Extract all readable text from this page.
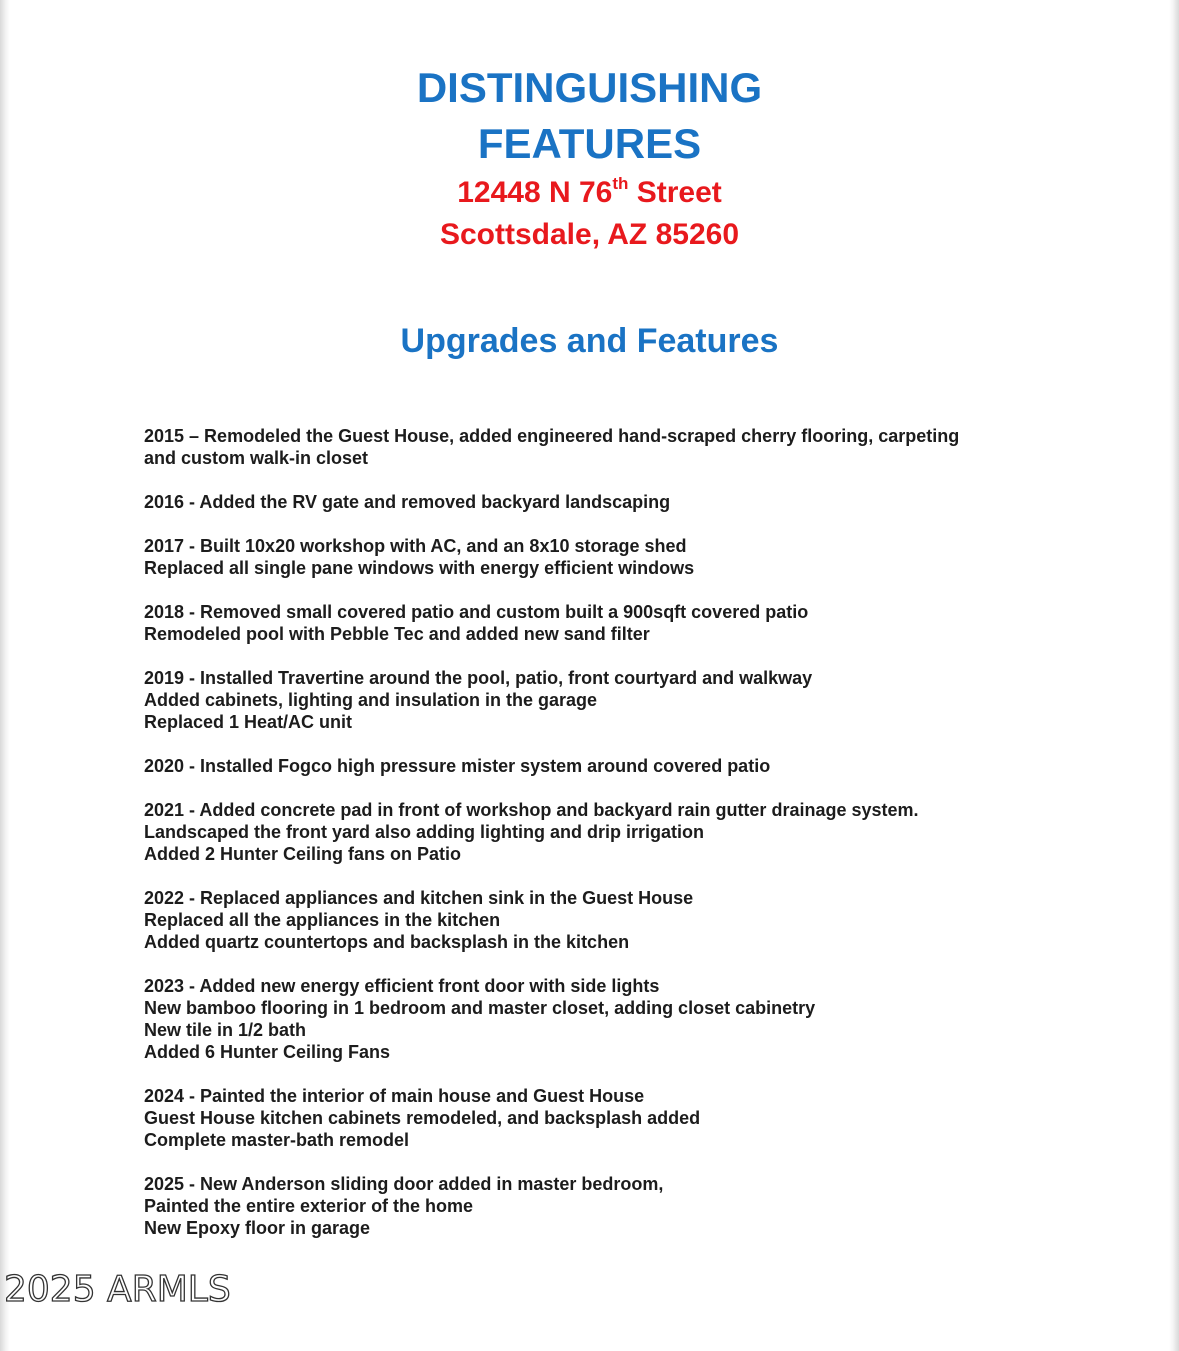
DISTINGUISHING

FEATURES

12448 N 76th Street

Scottsdale, AZ 85260

Upgrades and Features

2015 – Remodeled the Guest House, added engineered hand-scraped cherry flooring, carpeting
and custom walk-in closet
2016 - Added the RV gate and removed backyard landscaping
2017 - Built 10x20 workshop with AC, and an 8x10 storage shed
Replaced all single pane windows with energy efficient windows
2018 - Removed small covered patio and custom built a 900sqft covered patio
Remodeled pool with Pebble Tec and added new sand filter
2019 - Installed Travertine around the pool, patio, front courtyard and walkway
Added cabinets, lighting and insulation in the garage
Replaced 1 Heat/AC unit
2020 - Installed Fogco high pressure mister system around covered patio
2021 - Added concrete pad in front of workshop and backyard rain gutter drainage system.
Landscaped the front yard also adding lighting and drip irrigation
Added 2 Hunter Ceiling fans on Patio
2022 - Replaced appliances and kitchen sink in the Guest House
Replaced all the appliances in the kitchen
Added quartz countertops and backsplash in the kitchen
2023 - Added new energy efficient front door with side lights
New bamboo flooring in 1 bedroom and master closet, adding closet cabinetry
New tile in 1/2 bath
Added 6 Hunter Ceiling Fans
2024 - Painted the interior of main house and Guest House
Guest House kitchen cabinets remodeled, and backsplash added
Complete master-bath remodel
2025 - New Anderson sliding door added in master bedroom,
Painted the entire exterior of the home
New Epoxy floor in garage
2025 ARMLS
